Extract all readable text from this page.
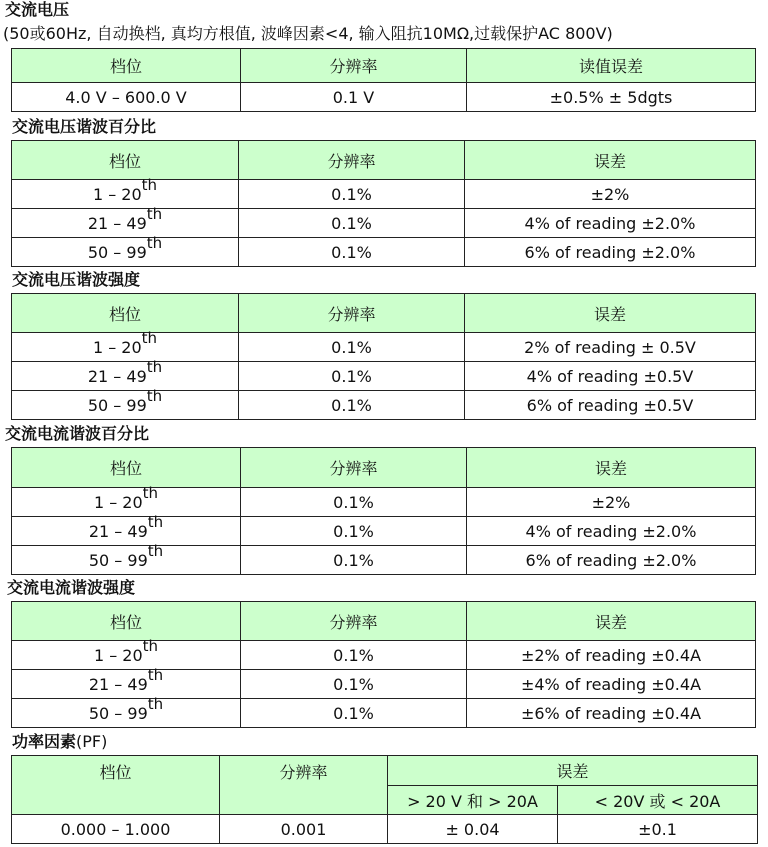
交流电压
(50或60Hz, 自动换档, 真均方根值, 波峰因素<4, 输入阻抗10MΩ,过载保护AC 800V)
档位	分辨率	读值误差
4.0 V – 600.0 V	0.1 V	±0.5% ± 5dgts
交流电压谐波百分比
档位	分辨率	误差
1 – 20th	0.1%	±2%
21 – 49th	0.1%	4% of reading ±2.0%
50 – 99th	0.1%	6% of reading ±2.0%
交流电压谐波强度
档位	分辨率	误差
1 – 20th	0.1%	2% of reading ± 0.5V
21 – 49th	0.1%	4% of reading ±0.5V
50 – 99th	0.1%	6% of reading ±0.5V
交流电流谐波百分比
档位	分辨率	误差
1 – 20th	0.1%	±2%
21 – 49th	0.1%	4% of reading ±2.0%
50 – 99th	0.1%	6% of reading ±2.0%
交流电流谐波强度
档位	分辨率	误差
1 – 20th	0.1%	±2% of reading ±0.4A
21 – 49th	0.1%	±4% of reading ±0.4A
50 – 99th	0.1%	±6% of reading ±0.4A
功率因素(PF)
档位	分辨率	误差	
		> 20 V 和 > 20A	< 20V 或 < 20A
0.000 – 1.000	0.001	± 0.04	±0.1
